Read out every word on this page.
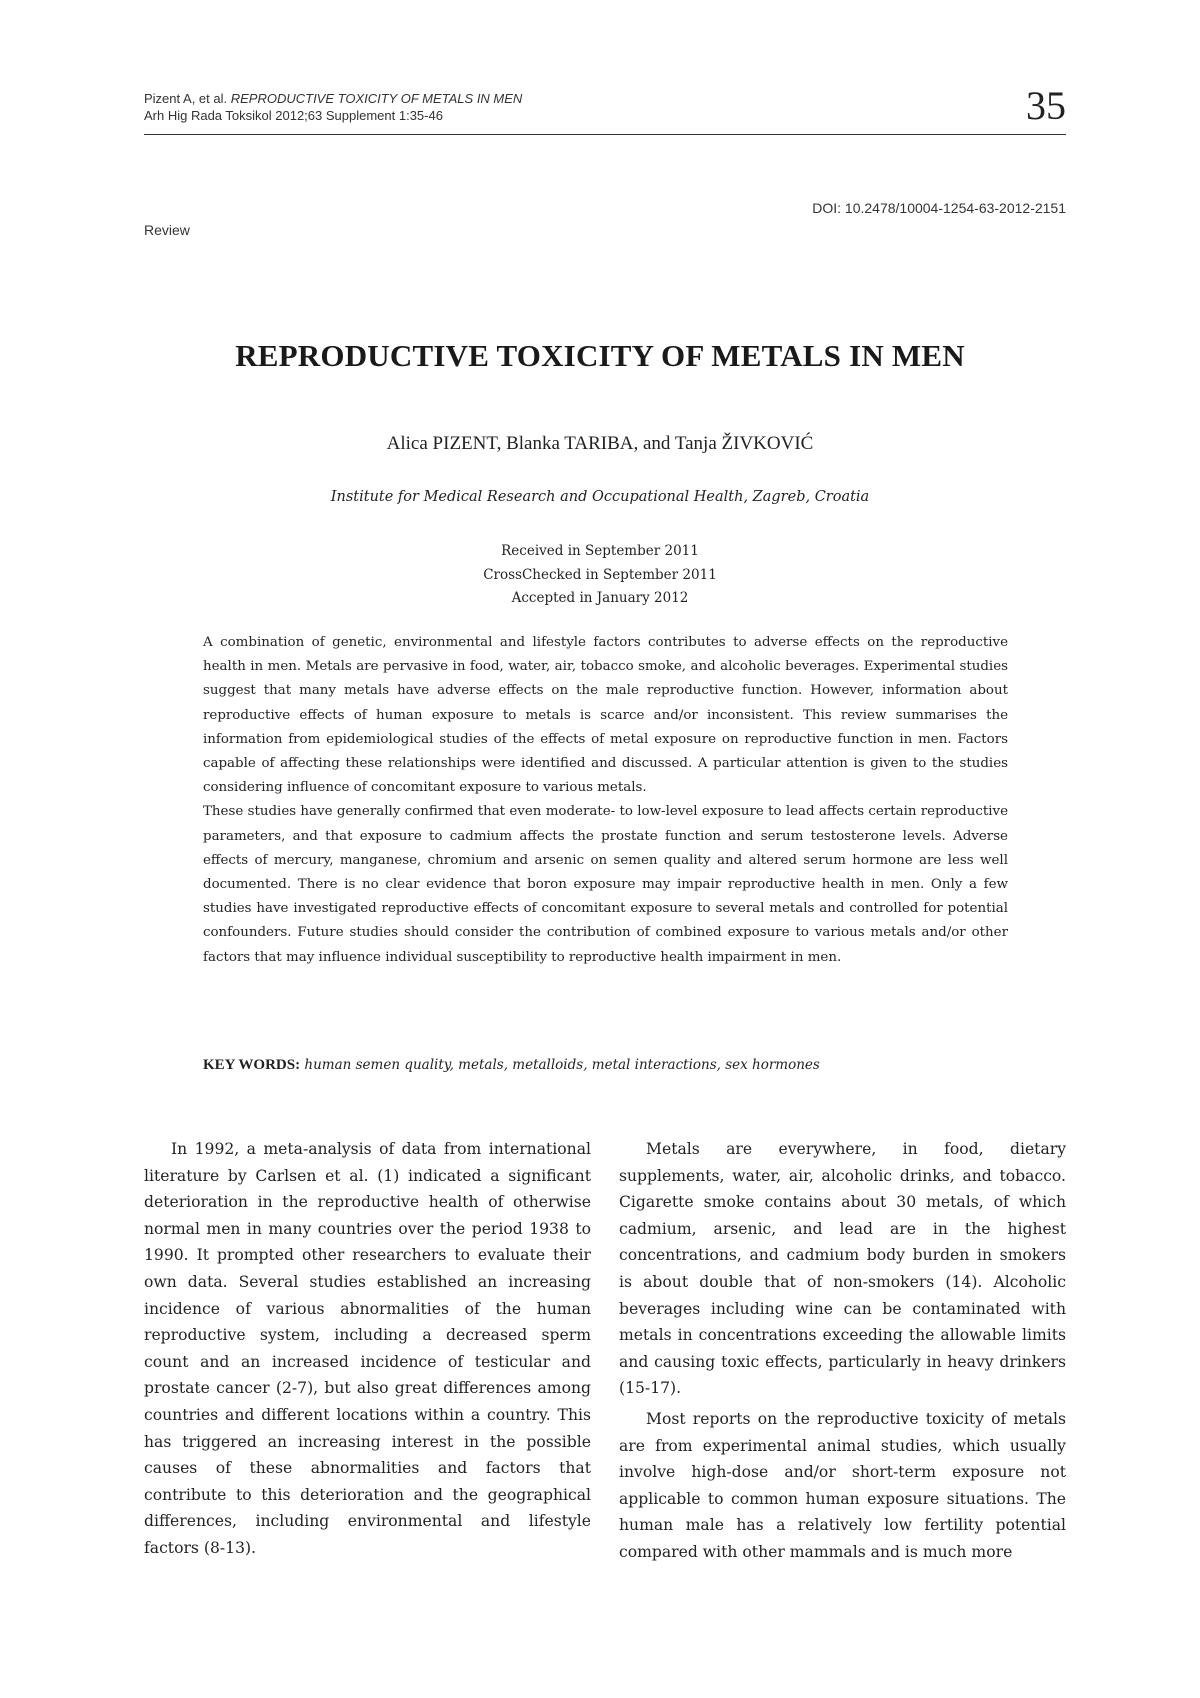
Pizent A, et al. REPRODUCTIVE TOXICITY OF METALS IN MEN
Arh Hig Rada Toksikol 2012;63 Supplement 1:35-46	35
DOI: 10.2478/10004-1254-63-2012-2151
Review
REPRODUCTIVE TOXICITY OF METALS IN MEN
Alica PIZENT, Blanka TARIBA, and Tanja ŽIVKOVIĆ
Institute for Medical Research and Occupational Health, Zagreb, Croatia
Received in September 2011
CrossChecked in September 2011
Accepted in January 2012

A combination of genetic, environmental and lifestyle factors contributes to adverse effects on the reproductive health in men. Metals are pervasive in food, water, air, tobacco smoke, and alcoholic beverages. Experimental studies suggest that many metals have adverse effects on the male reproductive function. However, information about reproductive effects of human exposure to metals is scarce and/or inconsistent. This review summarises the information from epidemiological studies of the effects of metal exposure on reproductive function in men. Factors capable of affecting these relationships were identified and discussed. A particular attention is given to the studies considering influence of concomitant exposure to various metals.

These studies have generally confirmed that even moderate- to low-level exposure to lead affects certain reproductive parameters, and that exposure to cadmium affects the prostate function and serum testosterone levels. Adverse effects of mercury, manganese, chromium and arsenic on semen quality and altered serum hormone are less well documented. There is no clear evidence that boron exposure may impair reproductive health in men. Only a few studies have investigated reproductive effects of concomitant exposure to several metals and controlled for potential confounders. Future studies should consider the contribution of combined exposure to various metals and/or other factors that may influence individual susceptibility to reproductive health impairment in men.

KEY WORDS: human semen quality, metals, metalloids, metal interactions, sex hormones

In 1992, a meta-analysis of data from international literature by Carlsen et al. (1) indicated a significant deterioration in the reproductive health of otherwise normal men in many countries over the period 1938 to 1990. It prompted other researchers to evaluate their own data. Several studies established an increasing incidence of various abnormalities of the human reproductive system, including a decreased sperm count and an increased incidence of testicular and prostate cancer (2-7), but also great differences among countries and different locations within a country. This has triggered an increasing interest in the possible causes of these abnormalities and factors that contribute to this deterioration and the geographical differences, including environmental and lifestyle factors (8-13).

Metals are everywhere, in food, dietary supplements, water, air, alcoholic drinks, and tobacco. Cigarette smoke contains about 30 metals, of which cadmium, arsenic, and lead are in the highest concentrations, and cadmium body burden in smokers is about double that of non-smokers (14). Alcoholic beverages including wine can be contaminated with metals in concentrations exceeding the allowable limits and causing toxic effects, particularly in heavy drinkers (15-17).

Most reports on the reproductive toxicity of metals are from experimental animal studies, which usually involve high-dose and/or short-term exposure not applicable to common human exposure situations. The human male has a relatively low fertility potential compared with other mammals and is much more
